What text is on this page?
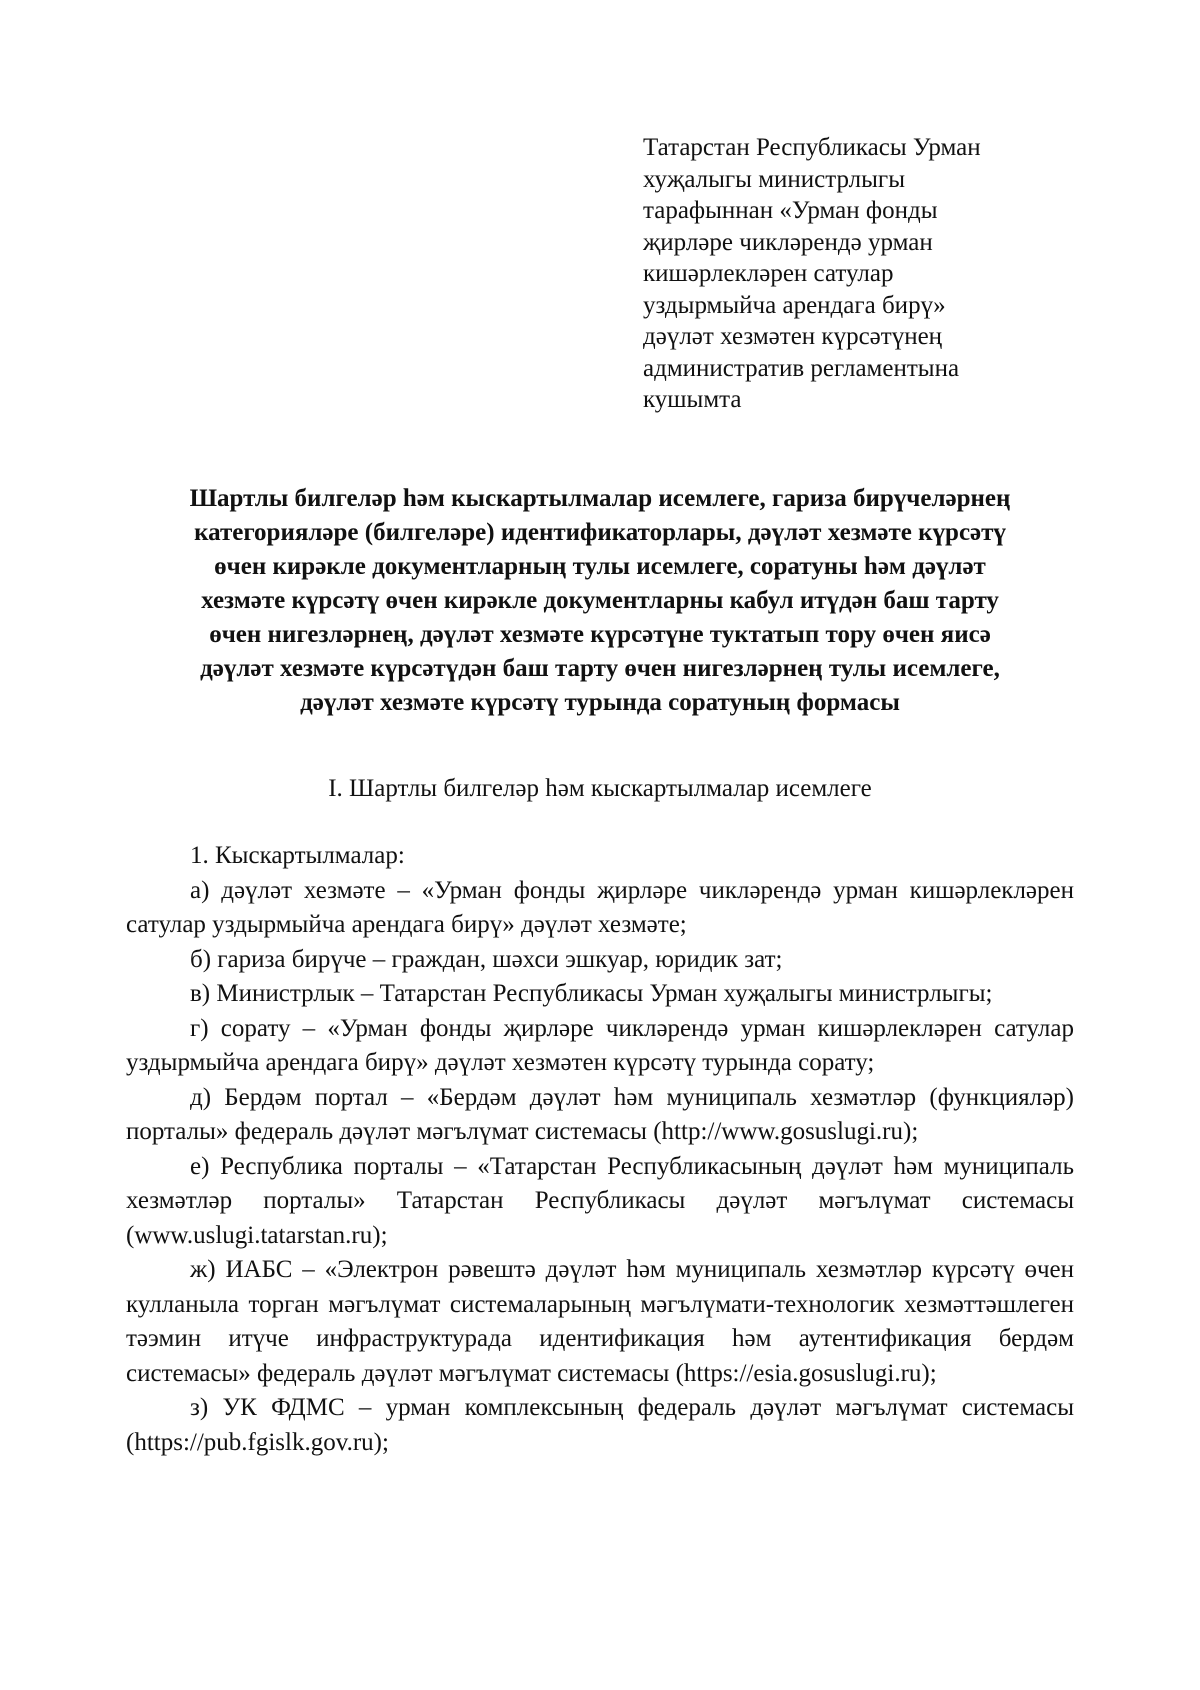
Татарстан Республикасы Урман
хуҗалыгы министрлыгы
тарафыннан «Урман фонды
җирләре чикләрендә урман
кишәрлекләрен сатулар
уздырмыйча арендага бирү»
дәүләт хезмәтен күрсәтүнең
административ регламентына
кушымта
Шартлы билгеләр һәм кыскартылмалар исемлеге, гариза бирүчеләрнең
категорияләре (билгеләре) идентификаторлары, дәүләт хезмәте күрсәтү
өчен кирәкле документларның тулы исемлеге, соратуны һәм дәүләт
хезмәте күрсәтү өчен кирәкле документларны кабул итүдән баш тарту
өчен нигезләрнең, дәүләт хезмәте күрсәтүне туктатып тору өчен яисә
дәүләт хезмәте күрсәтүдән баш тарту өчен нигезләрнең тулы исемлеге,
дәүләт хезмәте күрсәтү турында соратуның формасы
I. Шартлы билгеләр һәм кыскартылмалар исемлеге

1. Кыскартылмалар:

а) дәүләт хезмәте – «Урман фонды җирләре чикләрендә урман кишәрлекләрен сатулар уздырмыйча арендага бирү» дәүләт хезмәте;

б) гариза бирүче – граждан, шәхси эшкуар, юридик зат;

в) Министрлык – Татарстан Республикасы Урман хуҗалыгы министрлыгы;

г) сорату – «Урман фонды җирләре чикләрендә урман кишәрлекләрен сатулар уздырмыйча арендага бирү» дәүләт хезмәтен күрсәтү турында сорату;

д) Бердәм портал – «Бердәм дәүләт һәм муниципаль хезмәтләр (функцияләр) порталы» федераль дәүләт мәгълүмат системасы (http://www.gosuslugi.ru);

е) Республика порталы – «Татарстан Республикасының дәүләт һәм муниципаль хезмәтләр порталы» Татарстан Республикасы дәүләт мәгълүмат системасы (www.uslugi.tatarstan.ru);

ж) ИАБС – «Электрон рәвештә дәүләт һәм муниципаль хезмәтләр күрсәтү өчен кулланыла торган мәгълүмат системаларының мәгълүмати-технологик хезмәттәшлеген тәэмин итүче инфраструктурада идентификация һәм аутентификация бердәм системасы» федераль дәүләт мәгълүмат системасы (https://esia.gosuslugi.ru);

з) УК ФДМС – урман комплексының федераль дәүләт мәгълүмат системасы (https://pub.fgislk.gov.ru);
